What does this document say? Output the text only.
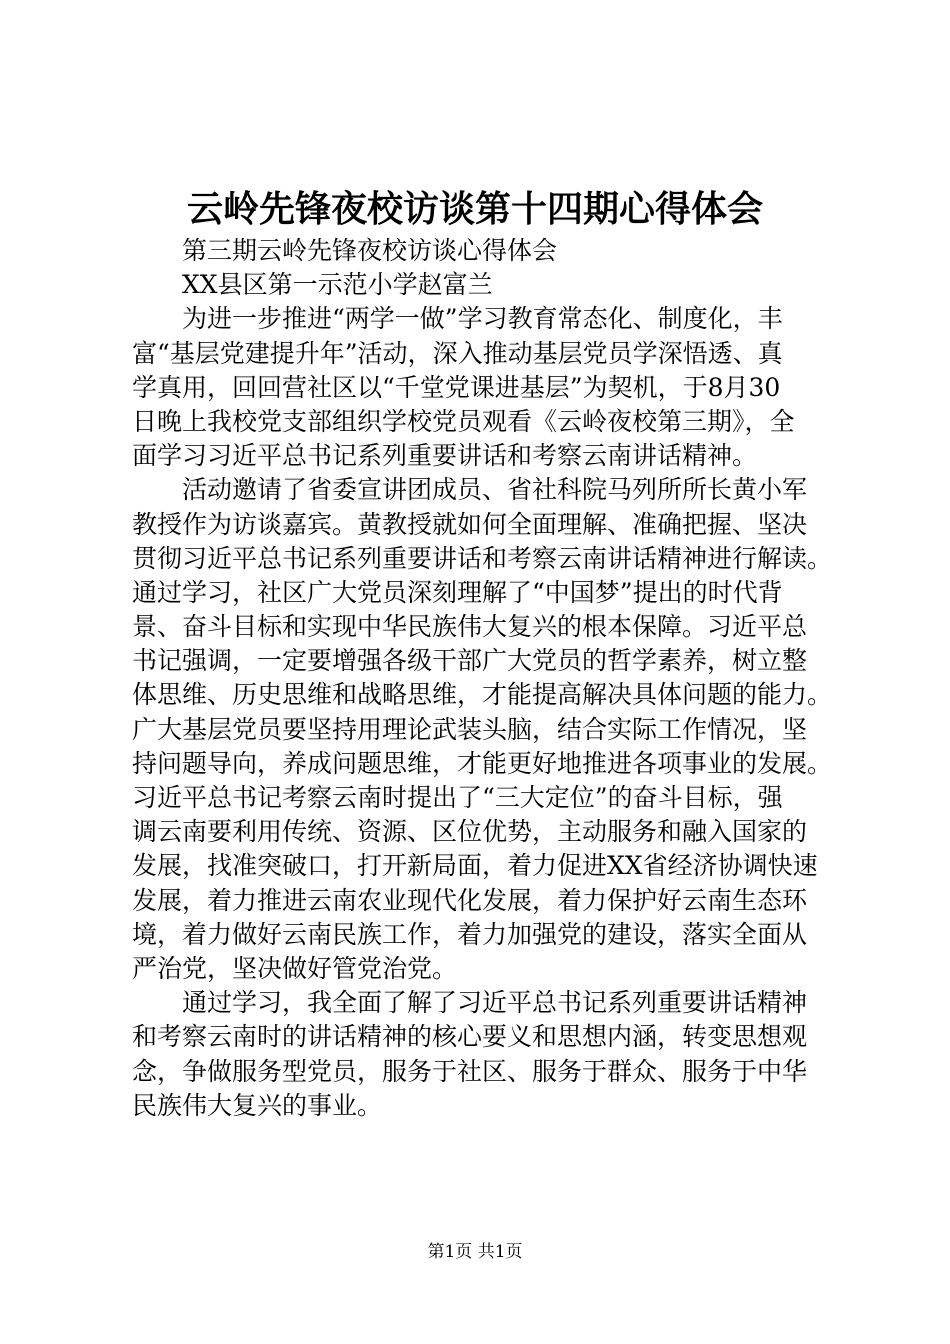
云岭先锋夜校访谈第十四期心得体会
　　第三期云岭先锋夜校访谈心得体会
　　XX县区第一示范小学赵富兰
　　为进一步推进“两学一做”学习教育常态化、制度化，丰
富“基层党建提升年”活动，深入推动基层党员学深悟透、真
学真用，回回营社区以“千堂党课进基层”为契机，于8月30
日晚上我校党支部组织学校党员观看《云岭夜校第三期》，全
面学习习近平总书记系列重要讲话和考察云南讲话精神。
　　活动邀请了省委宣讲团成员、省社科院马列所所长黄小军
教授作为访谈嘉宾。黄教授就如何全面理解、准确把握、坚决
贯彻习近平总书记系列重要讲话和考察云南讲话精神进行解读。
通过学习，社区广大党员深刻理解了“中国梦”提出的时代背
景、奋斗目标和实现中华民族伟大复兴的根本保障。习近平总
书记强调，一定要增强各级干部广大党员的哲学素养，树立整
体思维、历史思维和战略思维，才能提高解决具体问题的能力。
广大基层党员要坚持用理论武装头脑，结合实际工作情况，坚
持问题导向，养成问题思维，才能更好地推进各项事业的发展。
习近平总书记考察云南时提出了“三大定位”的奋斗目标，强
调云南要利用传统、资源、区位优势，主动服务和融入国家的
发展，找准突破口，打开新局面，着力促进XX省经济协调快速
发展，着力推进云南农业现代化发展，着力保护好云南生态环
境，着力做好云南民族工作，着力加强党的建设，落实全面从
严治党，坚决做好管党治党。
　　通过学习，我全面了解了习近平总书记系列重要讲话精神
和考察云南时的讲话精神的核心要义和思想内涵，转变思想观
念，争做服务型党员，服务于社区、服务于群众、服务于中华
民族伟大复兴的事业。
第1页 共1页
